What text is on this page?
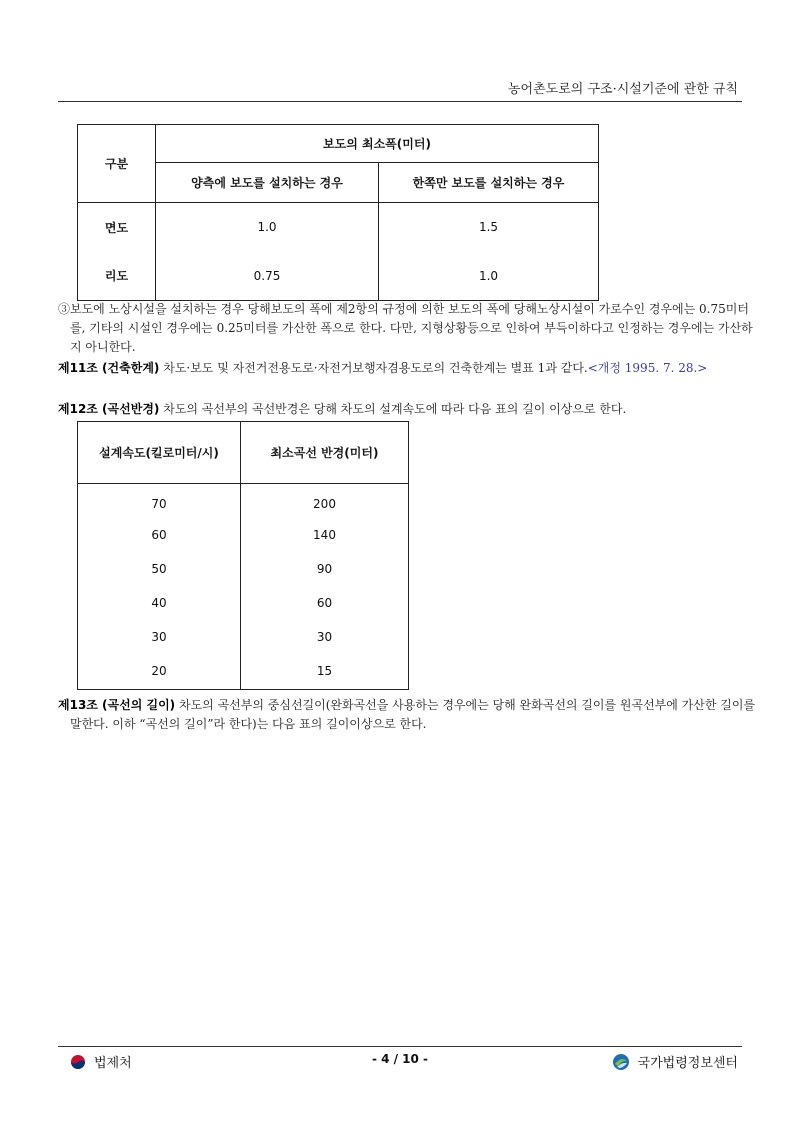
농어촌도로의 구조·시설기준에 관한 규칙
구분	보도의 최소폭(미터)	
	양측에 보도를 설치하는 경우	한쪽만 보도를 설치하는 경우
면도	1.0	1.5
리도	0.75	1.0
③보도에 노상시설을 설치하는 경우 당해보도의 폭에 제2항의 규정에 의한 보도의 폭에 당해노상시설이 가로수인 경우에는 0.75미터를, 기타의 시설인 경우에는 0.25미터를 가산한 폭으로 한다. 다만, 지형상황등으로 인하여 부득이하다고 인정하는 경우에는 가산하지 아니한다.
제11조 (건축한계) 차도·보도 및 자전거전용도로·자전거보행자겸용도로의 건축한계는 별표 1과 같다.<개정 1995. 7. 28.>
제12조 (곡선반경) 차도의 곡선부의 곡선반경은 당해 차도의 설계속도에 따라 다음 표의 길이 이상으로 한다.
설계속도(킬로미터/시)	최소곡선 반경(미터)
70	200
60	140
50	90
40	60
30	30
20	15
제13조 (곡선의 길이) 차도의 곡선부의 중심선길이(완화곡선을 사용하는 경우에는 당해 완화곡선의 길이를 원곡선부에 가산한 길이를 말한다. 이하 “곡선의 길이”라 한다)는 다음 표의 길이이상으로 한다.
법제처	- 4 / 10 -	국가법령정보센터
